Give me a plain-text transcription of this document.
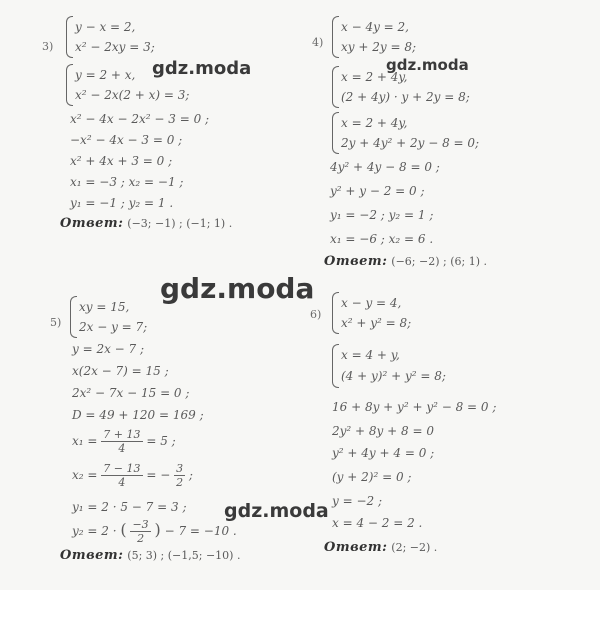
3)
y − x = 2,
x² − 2xy = 3;
y = 2 + x,
x² − 2x(2 + x) = 3;
x² − 4x − 2x² − 3 = 0 ;
−x² − 4x − 3 = 0 ;
x² + 4x + 3 = 0 ;
x₁ = −3 ; x₂ = −1 ;
y₁ = −1 ; y₂ = 1 .
Ответ: (−3; −1) ; (−1; 1) .
4)
x − 4y = 2,
xy + 2y = 8;
x = 2 + 4y,
(2 + 4y) · y + 2y = 8;
x = 2 + 4y,
2y + 4y² + 2y − 8 = 0;
4y² + 4y − 8 = 0 ;
y² + y − 2 = 0 ;
y₁ = −2 ; y₂ = 1 ;
x₁ = −6 ; x₂ = 6 .
Ответ: (−6; −2) ; (6; 1) .
5)
xy = 15,
2x − y = 7;
y = 2x − 7 ;
x(2x − 7) = 15 ;
2x² − 7x − 15 = 0 ;
D = 49 + 120 = 169 ;
$x_1 = \frac{7 + 13}{4} = 5$ ;
$x_2 = \frac{7 - 13}{4}$ = − $\frac{3}{2}$ ;
y₁ = 2 · 5 − 7 = 3 ;
y₂ = 2 · ( $\frac{-3}{2}$ ) − 7 = −10 .
Ответ: (5; 3) ; (−1,5; −10) .
6)
x − y = 4,
x² + y² = 8;
x = 4 + y,
(4 + y)² + y² = 8;
16 + 8y + y² + y² − 8 = 0 ;
2y² + 8y + 8 = 0
y² + 4y + 4 = 0 ;
(y + 2)² = 0 ;
y = −2 ;
x = 4 − 2 = 2 .
Ответ: (2; −2) .
gdz.moda	gdz.moda
gdz.moda
gdz.moda
